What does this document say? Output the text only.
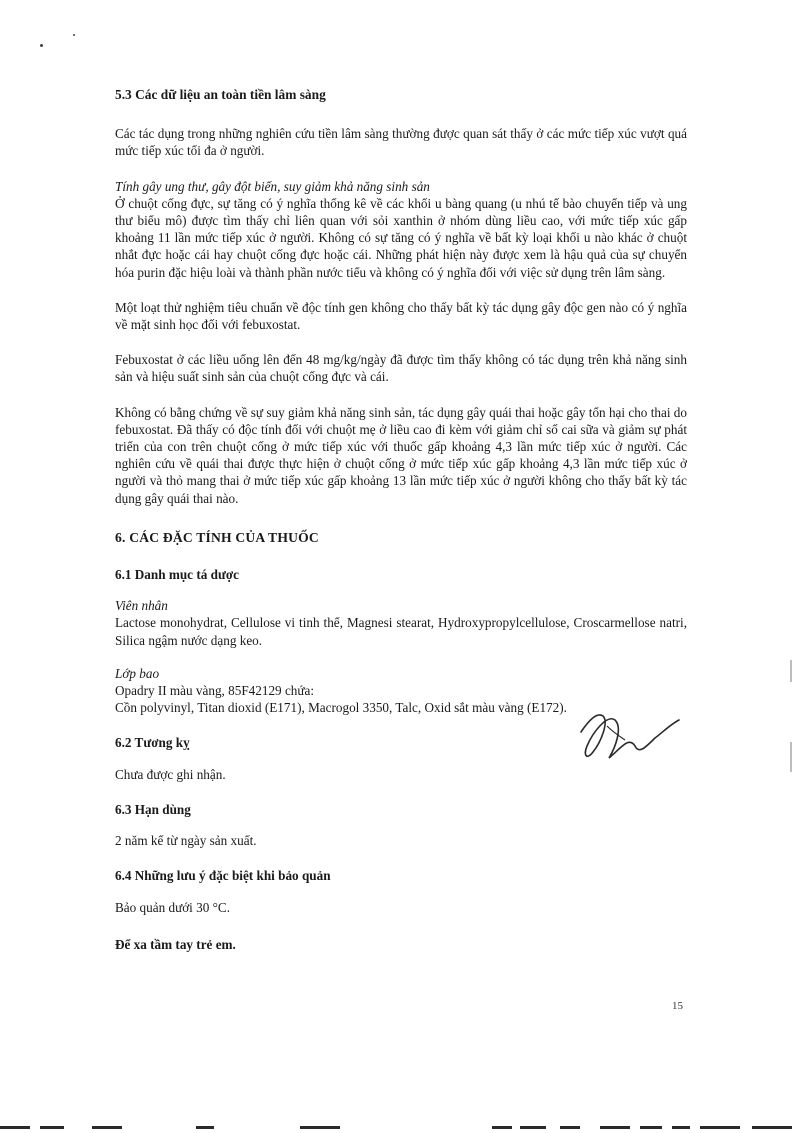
5.3 Các dữ liệu an toàn tiền lâm sàng

Các tác dụng trong những nghiên cứu tiền lâm sàng thường được quan sát thấy ở các mức tiếp xúc vượt quá mức tiếp xúc tối đa ở người.

Tính gây ung thư, gây đột biến, suy giảm khả năng sinh sản

Ở chuột cống đực, sự tăng có ý nghĩa thống kê về các khối u bàng quang (u nhú tế bào chuyển tiếp và ung thư biểu mô) được tìm thấy chỉ liên quan với sỏi xanthin ở nhóm dùng liều cao, với mức tiếp xúc gấp khoảng 11 lần mức tiếp xúc ở người. Không có sự tăng có ý nghĩa về bất kỳ loại khối u nào khác ở chuột nhắt đực hoặc cái hay chuột cống đực hoặc cái. Những phát hiện này được xem là hậu quả của sự chuyển hóa purin đặc hiệu loài và thành phần nước tiểu và không có ý nghĩa đối với việc sử dụng trên lâm sàng.

Một loạt thử nghiệm tiêu chuẩn về độc tính gen không cho thấy bất kỳ tác dụng gây độc gen nào có ý nghĩa về mặt sinh học đối với febuxostat.

Febuxostat ở các liều uống lên đến 48 mg/kg/ngày đã được tìm thấy không có tác dụng trên khả năng sinh sản và hiệu suất sinh sản của chuột cống đực và cái.

Không có bằng chứng về sự suy giảm khả năng sinh sản, tác dụng gây quái thai hoặc gây tổn hại cho thai do febuxostat. Đã thấy có độc tính đối với chuột mẹ ở liều cao đi kèm với giảm chỉ số cai sữa và giảm sự phát triển của con trên chuột cống ở mức tiếp xúc với thuốc gấp khoảng 4,3 lần mức tiếp xúc ở người. Các nghiên cứu về quái thai được thực hiện ở chuột cống ở mức tiếp xúc gấp khoảng 4,3 lần mức tiếp xúc ở người và thỏ mang thai ở mức tiếp xúc gấp khoảng 13 lần mức tiếp xúc ở người không cho thấy bất kỳ tác dụng gây quái thai nào.

6. CÁC ĐẶC TÍNH CỦA THUỐC
6.1 Danh mục tá dược
Viên nhân

Lactose monohydrat, Cellulose vi tinh thể, Magnesi stearat, Hydroxypropylcellulose, Croscarmellose natri, Silica ngậm nước dạng keo.

Lớp bao
Opadry II màu vàng, 85F42129 chứa:
Cồn polyvinyl, Titan dioxid (E171), Macrogol 3350, Talc, Oxid sắt màu vàng (E172).
6.2 Tương kỵ
Chưa được ghi nhận.
6.3 Hạn dùng
2 năm kể từ ngày sản xuất.
6.4 Những lưu ý đặc biệt khi bảo quản
Bảo quản dưới 30 °C.
Để xa tầm tay trẻ em.
15
